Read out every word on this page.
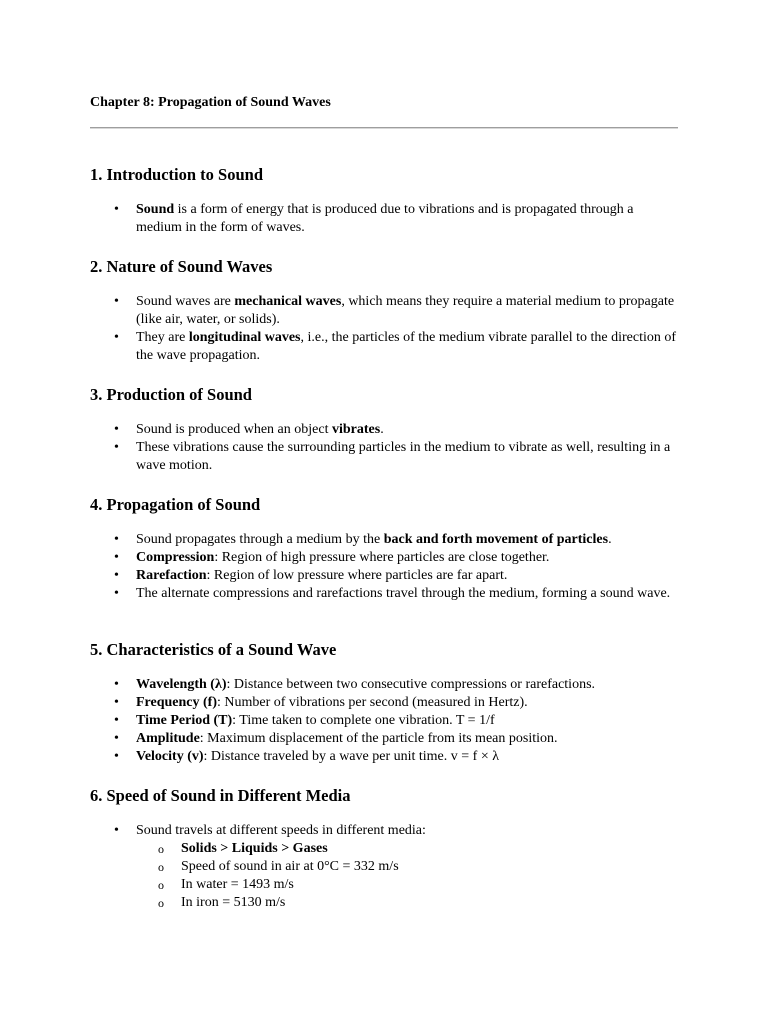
Chapter 8: Propagation of Sound Waves
1. Introduction to Sound
•
Sound is a form of energy that is produced due to vibrations and is propagated through a medium in the form of waves.
2. Nature of Sound Waves
•
Sound waves are mechanical waves, which means they require a material medium to propagate (like air, water, or solids).
•
They are longitudinal waves, i.e., the particles of the medium vibrate parallel to the direction of the wave propagation.
3. Production of Sound
•
Sound is produced when an object vibrates.
•
These vibrations cause the surrounding particles in the medium to vibrate as well, resulting in a wave motion.
4. Propagation of Sound
•
Sound propagates through a medium by the back and forth movement of particles.
•
Compression: Region of high pressure where particles are close together.
•
Rarefaction: Region of low pressure where particles are far apart.
•
The alternate compressions and rarefactions travel through the medium, forming a sound wave.
5. Characteristics of a Sound Wave
•
Wavelength (λ): Distance between two consecutive compressions or rarefactions.
•
Frequency (f): Number of vibrations per second (measured in Hertz).
•
Time Period (T): Time taken to complete one vibration. T = 1/f
•
Amplitude: Maximum displacement of the particle from its mean position.
•
Velocity (v): Distance traveled by a wave per unit time. v = f × λ
6. Speed of Sound in Different Media
•
Sound travels at different speeds in different media:
o
Solids > Liquids > Gases
o
Speed of sound in air at 0°C = 332 m/s
o
In water = 1493 m/s
o
In iron = 5130 m/s
